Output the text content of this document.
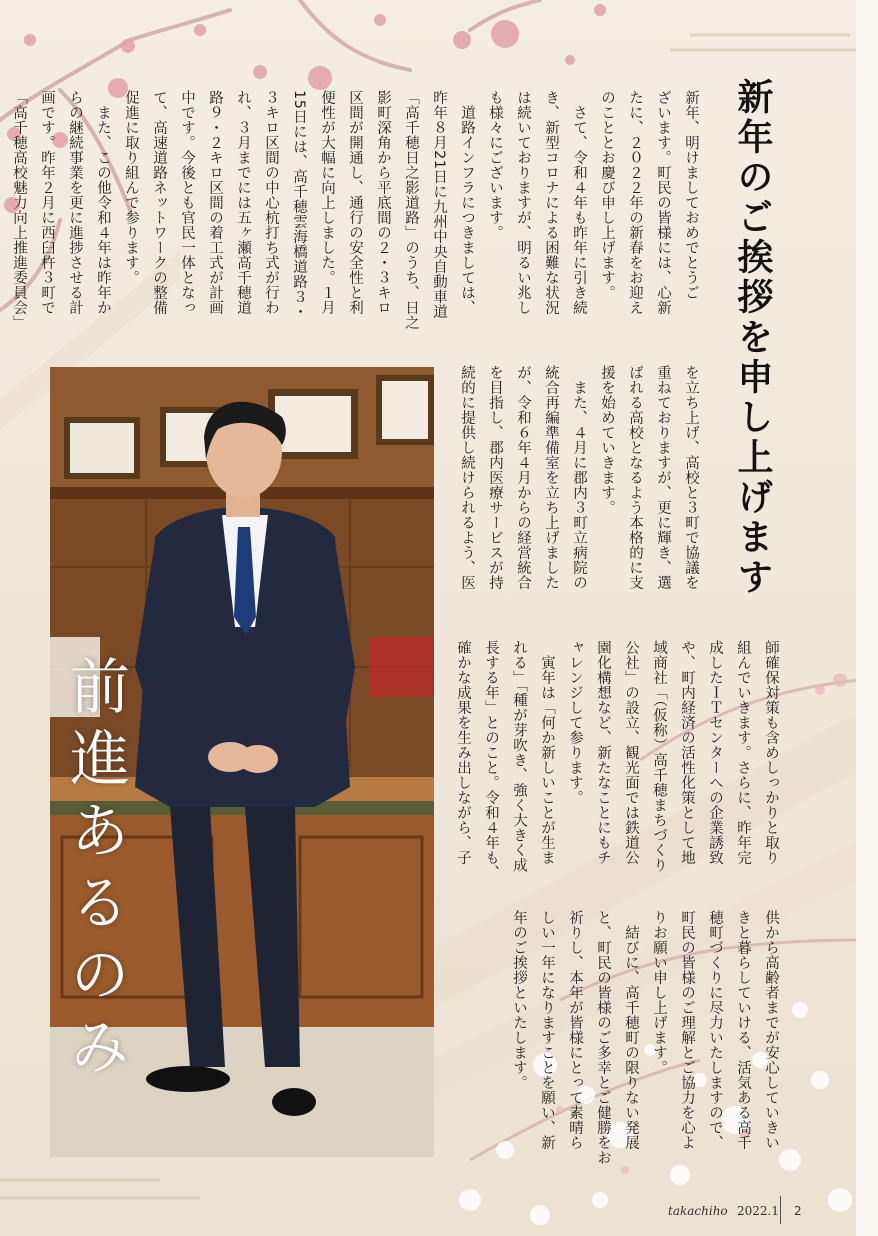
新年のご挨拶を申し上げます

新年、明けましておめでとうご
ざいます。町民の皆様には、心新
たに、２０２２年の新春をお迎え
のこととお慶び申し上げます。
　さて、令和４年も昨年に引き続
き、新型コロナによる困難な状況
は続いておりますが、明るい兆し
も様々にございます。
　道路インフラにつきましては、
昨年８月21日に九州中央自動車道
「高千穂日之影道路」のうち、日之
影町深角から平底間の２・３キロ
区間が開通し、通行の安全性と利
便性が大幅に向上しました。１月
15日には、高千穂雲海橋道路３・
３キロ区間の中心杭打ち式が行わ
れ、３月までには五ヶ瀬高千穂道
路９・２キロ区間の着工式が計画
中です。今後とも官民一体となっ
て、高速道路ネットワークの整備
促進に取り組んで参ります。
　また、この他令和４年は昨年か
らの継続事業を更に進捗させる計
画です。昨年２月に西臼杵３町で
「高千穂高校魅力向上推進委員会」

を立ち上げ、高校と３町で協議を
重ねておりますが、更に輝き、選
ばれる高校となるよう本格的に支
援を始めていきます。
　また、４月に郡内３町立病院の
統合再編準備室を立ち上げました
が、令和６年４月からの経営統合
を目指し、郡内医療サービスが持
続的に提供し続けられるよう、医

師確保対策も含めしっかりと取り
組んでいきます。さらに、昨年完
成したＩＴセンターへの企業誘致
や、町内経済の活性化策として地
域商社「（仮称）高千穂まちづくり
公社」の設立、観光面では鉄道公
園化構想など、新たなことにもチ
ャレンジして参ります。
　寅年は「何か新しいことが生ま
れる」「種が芽吹き、強く大きく成
長する年」とのこと。令和４年も、
確かな成果を生み出しながら、子

供から高齢者までが安心していきい
きと暮らしていける、活気ある高千
穂町づくりに尽力いたしますので、
町民の皆様のご理解とご協力を心よ
りお願い申し上げます。
　結びに、高千穂町の限りない発展
と、町民の皆様のご多幸とご健勝をお
祈りし、本年が皆様にとって素晴ら
しい一年になりますことを願い、新
年のご挨拶といたします。

前進あるのみ
takachiho 2022.1 2
